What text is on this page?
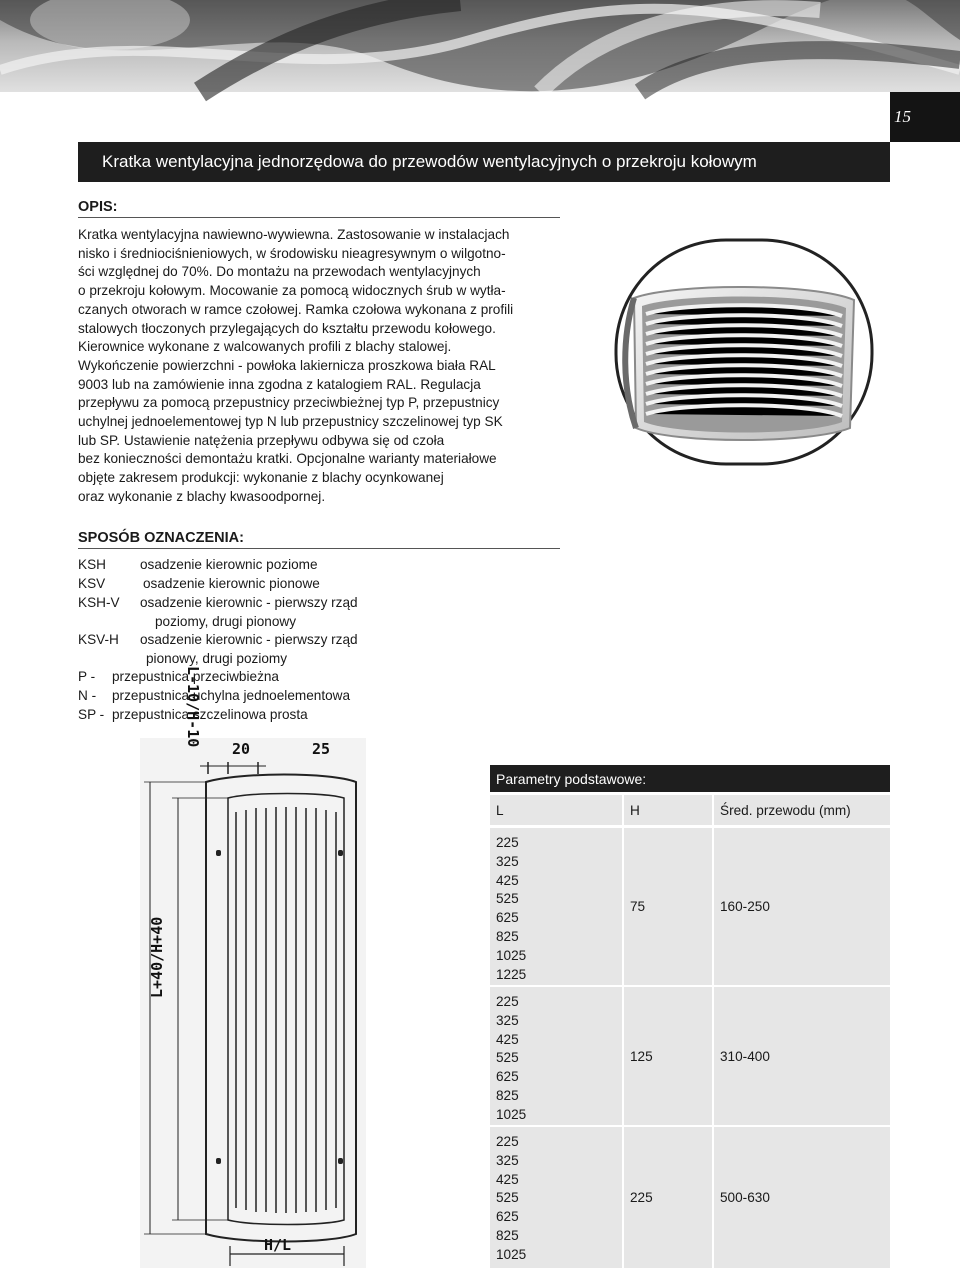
15
Kratka wentylacyjna jednorzędowa do przewodów wentylacyjnych o przekroju kołowym
OPIS:

Kratka wentylacyjna nawiewno-wywiewna. Zastosowanie w instalacjach
nisko i średniociśnieniowych, w środowisku nieagresywnym o wilgotno-
ści względnej do 70%. Do montażu na przewodach wentylacyjnych
o przekroju kołowym. Mocowanie za pomocą widocznych śrub w wytła-
czanych otworach w ramce czołowej. Ramka czołowa wykonana z profili
stalowych tłoczonych przylegających do kształtu przewodu kołowego.
Kierownice wykonane z walcowanych profili z blachy stalowej.
Wykończenie powierzchni - powłoka lakiernicza proszkowa biała RAL
9003 lub na zamówienie inna zgodna z katalogiem RAL. Regulacja
przepływu za pomocą przepustnicy przeciwbieżnej typ P, przepustnicy
uchylnej jednoelementowej typ N lub przepustnicy szczelinowej typ SK
lub SP. Ustawienie natężenia przepływu odbywa się od czoła
bez konieczności demontażu kratki. Opcjonalne warianty materiałowe
objęte zakresem produkcji: wykonanie z blachy ocynkowanej
oraz wykonanie z blachy kwasoodpornej.

SPOSÓB OZNACZENIA:
KSH	osadzenie kierownic poziome
KSV	osadzenie kierownic pionowe
KSH-V osadzenie kierownic - pierwszy rząd
poziomy, drugi pionowy
KSV-H osadzenie kierownic - pierwszy rząd
pionowy, drugi poziomy
P - przepustnica przeciwbieżna
N - przepustnica uchylna jednoelementowa
SP - przepustnica szczelinowa prosta
20	25
L+40/H+40
L-10/H-10
H/L
Parametry podstawowe:
L	H	Śred. przewodu (mm)
225
325
425
525
625
825
1025
1225
75	160-250
225
325
425
525
625
825
1025
125	310-400
225
325
425
525
625
825
1025
225	500-630
